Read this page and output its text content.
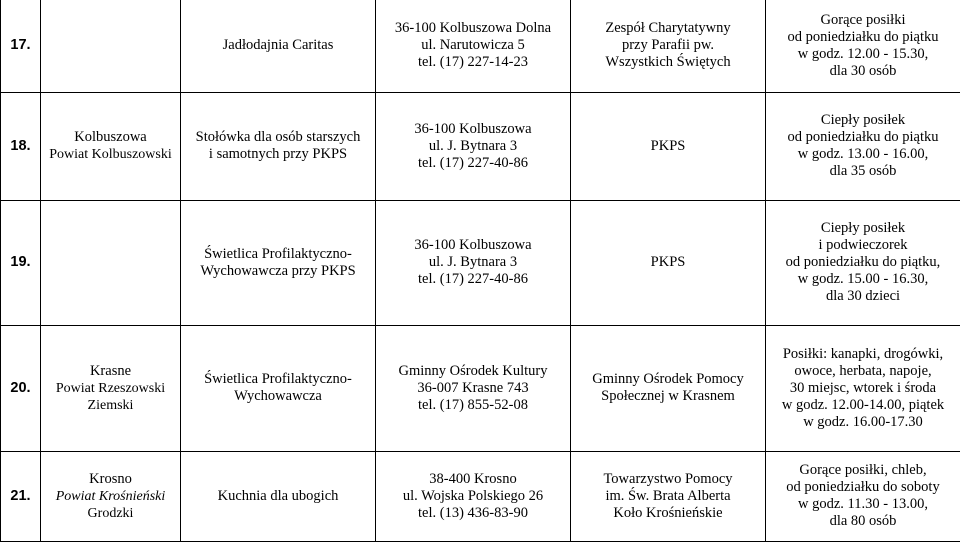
17.		Jadłodajnia Caritas	36-100 Kolbuszowa Dolna
ul. Narutowicza 5
tel. (17) 227-14-23	Zespół Charytatywny
przy Parafii pw.
Wszystkich Świętych	Gorące posiłki
od poniedziałku do piątku
w godz. 12.00 - 15.30,
dla 30 osób

18.	Kolbuszowa
Powiat Kolbuszowski	Stołówka dla osób starszych
i samotnych przy PKPS	36-100 Kolbuszowa
ul. J. Bytnara 3
tel. (17) 227-40-86	PKPS	Ciepły posiłek
od poniedziałku do piątku
w godz. 13.00 - 16.00,
dla 35 osób

19.		Świetlica Profilaktyczno-
Wychowawcza przy PKPS	36-100 Kolbuszowa
ul. J. Bytnara 3
tel. (17) 227-40-86	PKPS	Ciepły posiłek
i podwieczorek
od poniedziałku do piątku,
w godz. 15.00 - 16.30,
dla 30 dzieci

20.	Krasne
Powiat Rzeszowski
Ziemski	Świetlica Profilaktyczno-
Wychowawcza	Gminny Ośrodek Kultury
36-007 Krasne 743
tel. (17) 855-52-08	Gminny Ośrodek Pomocy
Społecznej w Krasnem	Posiłki: kanapki, drogówki,
owoce, herbata, napoje,
30 miejsc, wtorek i środa
w godz. 12.00-14.00, piątek
w godz. 16.00-17.30

21.	Krosno
Powiat Krośnieński
Grodzki	Kuchnia dla ubogich	38-400 Krosno
ul. Wojska Polskiego 26
tel. (13) 436-83-90	Towarzystwo Pomocy
im. Św. Brata Alberta
Koło Krośnieńskie	Gorące posiłki, chleb,
od poniedziałku do soboty
w godz. 11.30 - 13.00,
dla 80 osób
